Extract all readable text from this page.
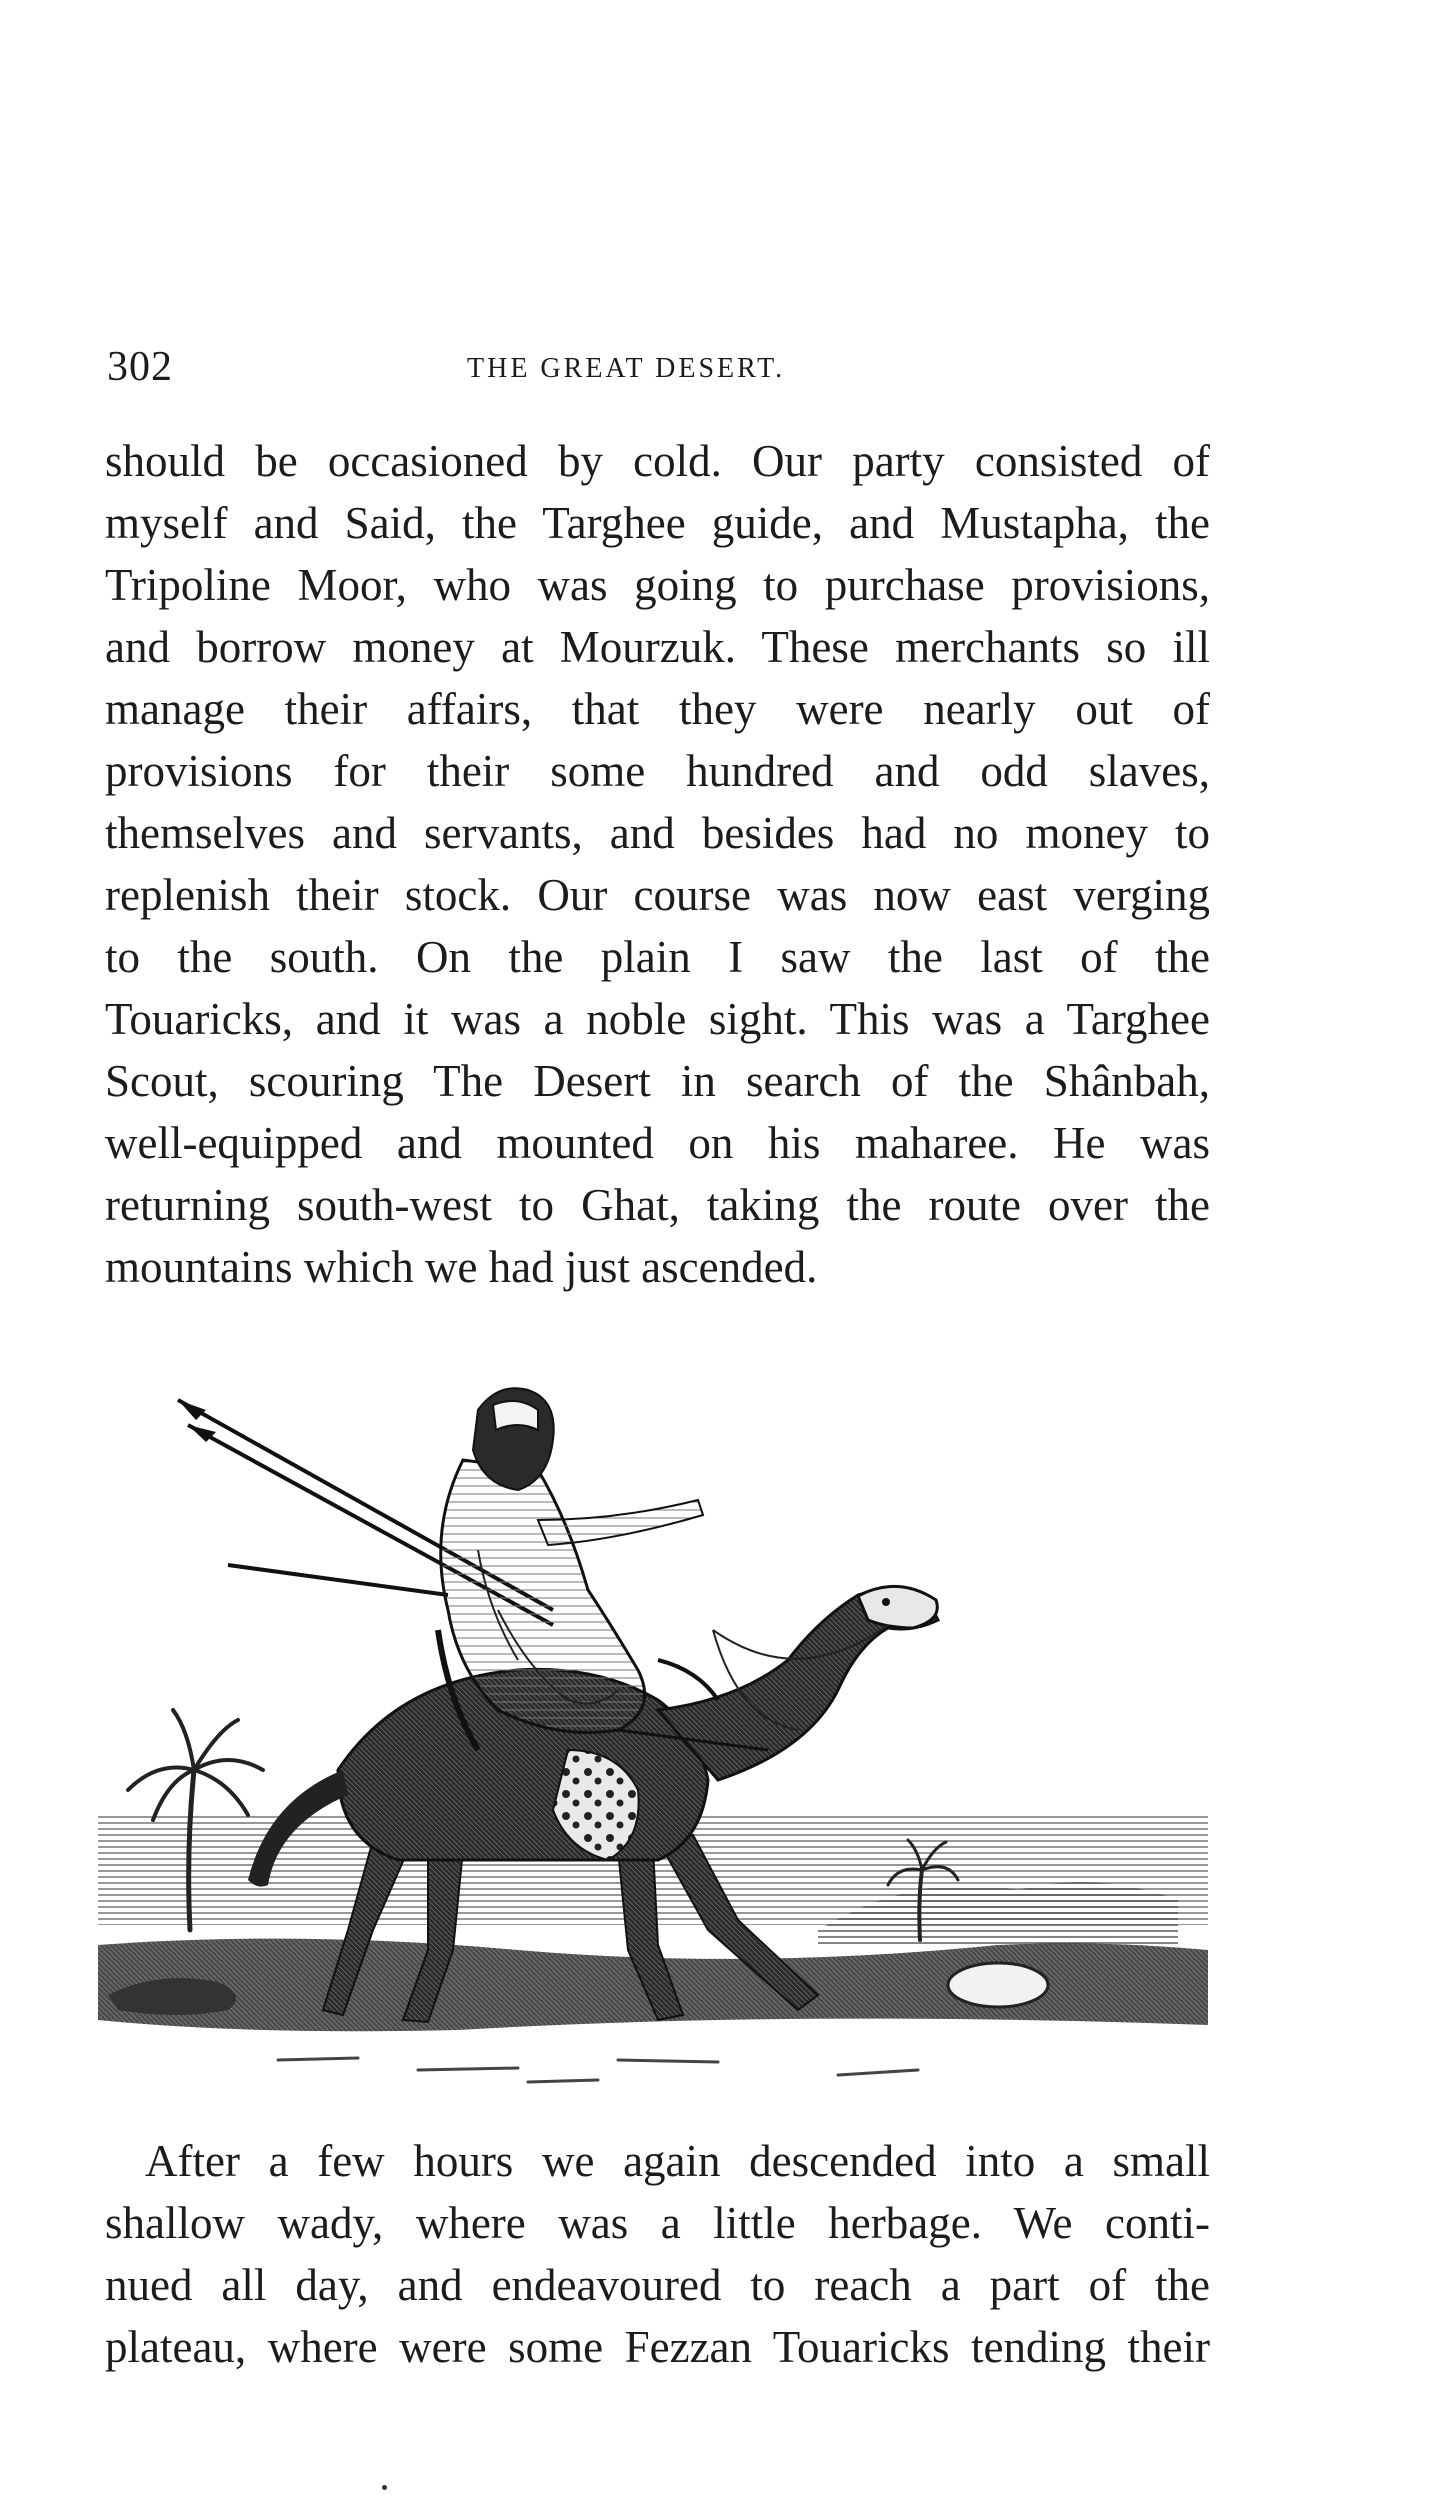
302	THE GREAT DESERT.
should be occasioned by cold. Our party consisted of
myself and Said, the Targhee guide, and Mustapha, the
Tripoline Moor, who was going to purchase provisions,
and borrow money at Mourzuk. These merchants so ill
manage their affairs, that they were nearly out of
provisions for their some hundred and odd slaves,
themselves and servants, and besides had no money to
replenish their stock. Our course was now east verging
to the south. On the plain I saw the last of the
Touaricks, and it was a noble sight. This was a Targhee
Scout, scouring The Desert in search of the Shânbah,
well-equipped and mounted on his maharee. He was
returning south-west to Ghat, taking the route over the
mountains which we had just ascended.
After a few hours we again descended into a small
shallow wady, where was a little herbage. We conti-
nued all day, and endeavoured to reach a part of the
plateau, where were some Fezzan Touaricks tending their
